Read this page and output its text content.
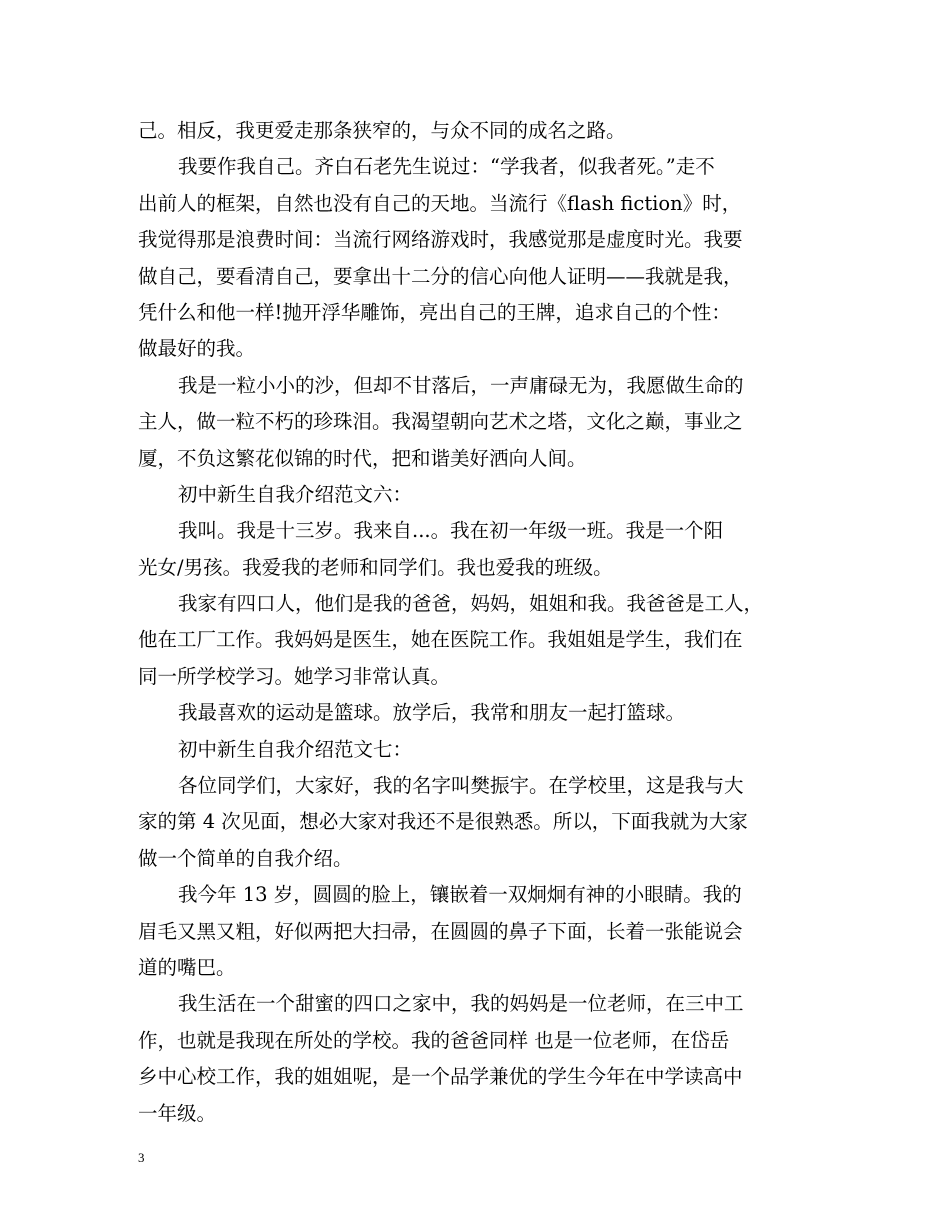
己。相反，我更爱走那条狭窄的，与众不同的成名之路。
我要作我自己。齐白石老先生说过：“学我者，似我者死。”走不
出前人的框架，自然也没有自己的天地。当流行《flash fiction》时，
我觉得那是浪费时间：当流行网络游戏时，我感觉那是虚度时光。我要
做自己，要看清自己，要拿出十二分的信心向他人证明——我就是我，
凭什么和他一样!抛开浮华雕饰，亮出自己的王牌，追求自己的个性：
做最好的我。
我是一粒小小的沙，但却不甘落后，一声庸碌无为，我愿做生命的
主人，做一粒不朽的珍珠泪。我渴望朝向艺术之塔，文化之巅，事业之
厦，不负这繁花似锦的时代，把和谐美好洒向人间。
初中新生自我介绍范文六：
我叫。我是十三岁。我来自...。我在初一年级一班。我是一个阳
光女/男孩。我爱我的老师和同学们。我也爱我的班级。
我家有四口人，他们是我的爸爸，妈妈，姐姐和我。我爸爸是工人，
他在工厂工作。我妈妈是医生，她在医院工作。我姐姐是学生，我们在
同一所学校学习。她学习非常认真。
我最喜欢的运动是篮球。放学后，我常和朋友一起打篮球。
初中新生自我介绍范文七：
各位同学们，大家好，我的名字叫樊振宇。在学校里，这是我与大
家的第 4 次见面，想必大家对我还不是很熟悉。所以，下面我就为大家
做一个简单的自我介绍。
我今年 13 岁，圆圆的脸上，镶嵌着一双炯炯有神的小眼睛。我的
眉毛又黑又粗，好似两把大扫帚，在圆圆的鼻子下面，长着一张能说会
道的嘴巴。
我生活在一个甜蜜的四口之家中，我的妈妈是一位老师，在三中工
作，也就是我现在所处的学校。我的爸爸同样 也是一位老师，在岱岳
乡中心校工作，我的姐姐呢，是一个品学兼优的学生今年在中学读高中
一年级。
3
